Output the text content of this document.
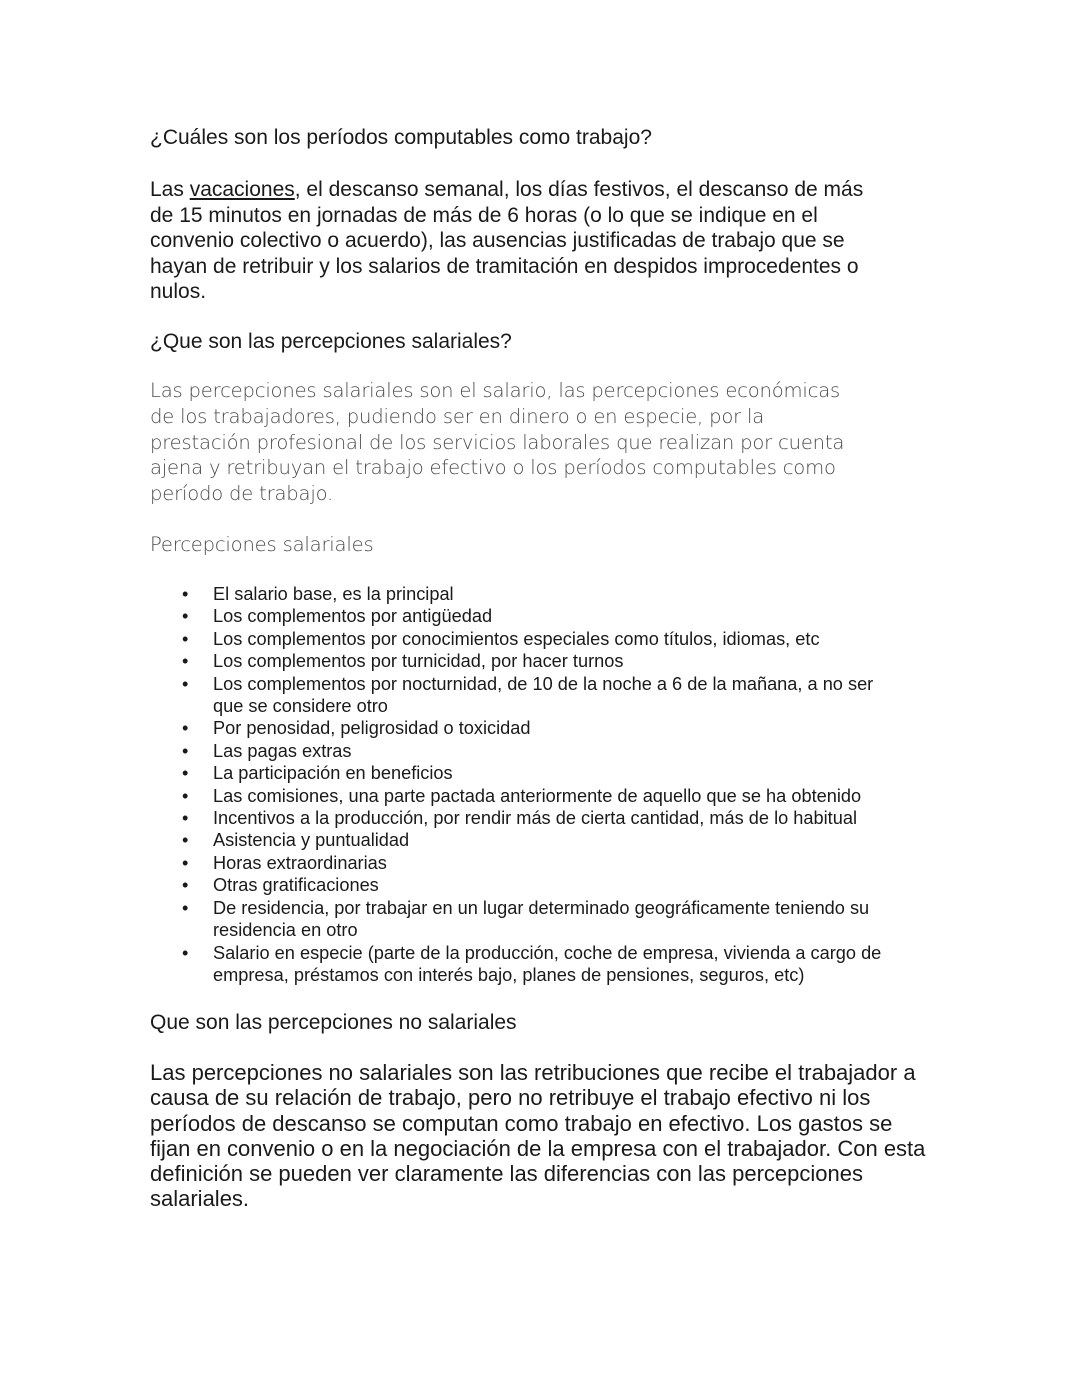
¿Cuáles son los períodos computables como trabajo?
Las vacaciones, el descanso semanal, los días festivos, el descanso de más
de 15 minutos en jornadas de más de 6 horas (o lo que se indique en el
convenio colectivo o acuerdo), las ausencias justificadas de trabajo que se
hayan de retribuir y los salarios de tramitación en despidos improcedentes o
nulos.
¿Que son las percepciones salariales?
Las percepciones salariales son el salario, las percepciones económicas
de los trabajadores, pudiendo ser en dinero o en especie, por la
prestación profesional de los servicios laborales que realizan por cuenta
ajena y retribuyan el trabajo efectivo o los períodos computables como
período de trabajo.
Percepciones salariales
• El salario base, es la principal
• Los complementos por antigüedad
• Los complementos por conocimientos especiales como títulos, idiomas, etc
• Los complementos por turnicidad, por hacer turnos
• Los complementos por nocturnidad, de 10 de la noche a 6 de la mañana, a no ser
que se considere otro
• Por penosidad, peligrosidad o toxicidad
• Las pagas extras
• La participación en beneficios
• Las comisiones, una parte pactada anteriormente de aquello que se ha obtenido
• Incentivos a la producción, por rendir más de cierta cantidad, más de lo habitual
• Asistencia y puntualidad
• Horas extraordinarias
• Otras gratificaciones
• De residencia, por trabajar en un lugar determinado geográficamente teniendo su
residencia en otro
• Salario en especie (parte de la producción, coche de empresa, vivienda a cargo de
empresa, préstamos con interés bajo, planes de pensiones, seguros, etc)
Que son las percepciones no salariales
Las percepciones no salariales son las retribuciones que recibe el trabajador a
causa de su relación de trabajo, pero no retribuye el trabajo efectivo ni los
períodos de descanso se computan como trabajo en efectivo. Los gastos se
fijan en convenio o en la negociación de la empresa con el trabajador. Con esta
definición se pueden ver claramente las diferencias con las percepciones
salariales.
